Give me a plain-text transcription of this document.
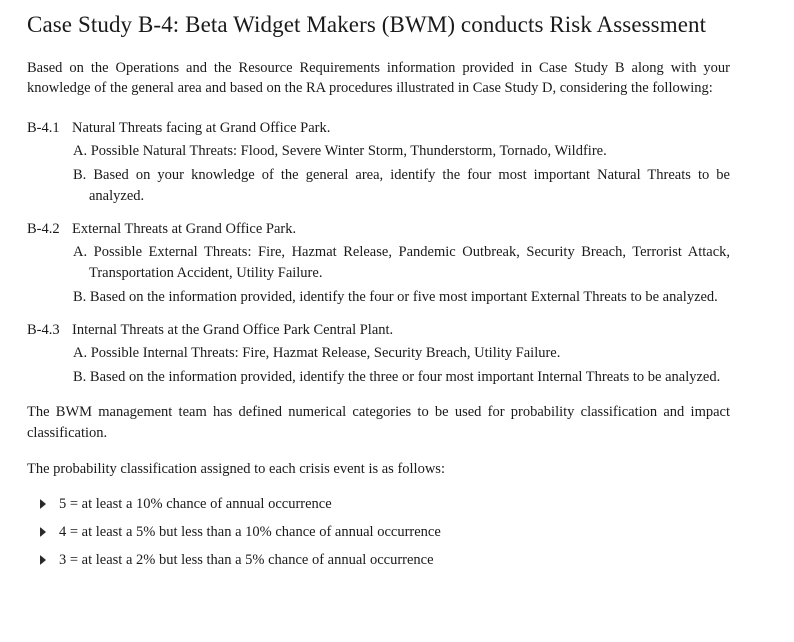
Case Study B-4: Beta Widget Makers (BWM) conducts Risk Assessment

Based on the Operations and the Resource Requirements information provided in Case Study B along with your knowledge of the general area and based on the RA procedures illustrated in Case Study D, considering the following:

B-4.1 Natural Threats facing at Grand Office Park.
A. Possible Natural Threats: Flood, Severe Winter Storm, Thunderstorm, Tornado, Wildfire.
B. Based on your knowledge of the general area, identify the four most important Natural Threats to be analyzed.
B-4.2 External Threats at Grand Office Park.
A. Possible External Threats: Fire, Hazmat Release, Pandemic Outbreak, Security Breach, Terrorist Attack, Transportation Accident, Utility Failure.
B. Based on the information provided, identify the four or five most important External Threats to be analyzed.
B-4.3 Internal Threats at the Grand Office Park Central Plant.
A. Possible Internal Threats: Fire, Hazmat Release, Security Breach, Utility Failure.
B. Based on the information provided, identify the three or four most important Internal Threats to be analyzed.

The BWM management team has defined numerical categories to be used for probability classification and impact classification.

The probability classification assigned to each crisis event is as follows:

5 = at least a 10% chance of annual occurrence
4 = at least a 5% but less than a 10% chance of annual occurrence
3 = at least a 2% but less than a 5% chance of annual occurrence
